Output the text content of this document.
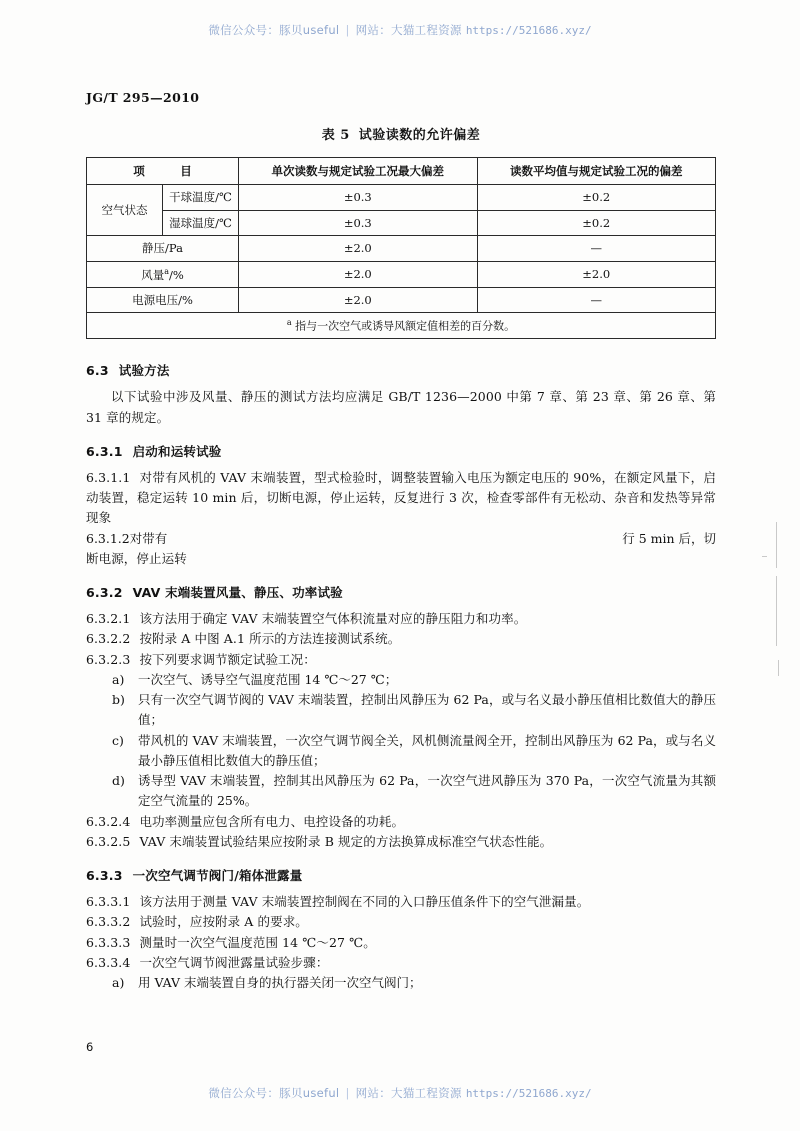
微信公众号：豚贝useful | 网站：大猫工程资源 https://521686.xyz/
JG/T 295—2010
表 5 试验读数的允许偏差
项　目		单次读数与规定试验工况最大偏差	读数平均值与规定试验工况的偏差
空气状态	干球温度/℃	±0.3	±0.2
	湿球温度/℃	±0.3	±0.2
静压/Pa		±2.0	—
风量$^a$/%		±2.0	±2.0
电源电压/%		±2.0	—
$^a$ 指与一次空气或诱导风额定值相差的百分数。			
6.3 试验方法

以下试验中涉及风量、静压的测试方法均应满足 GB/T 1236—2000 中第 7 章、第 23 章、第 26 章、第 31 章的规定。

6.3.1 启动和运转试验

6.3.1.1 对带有风机的 VAV 末端装置，型式检验时，调整装置输入电压为额定电压的 90%，在额定风量下，启动装置，稳定运转 10 min 后，切断电源，停止运转，反复进行 3 次，检查零部件有无松动、杂音和发热等异常现象

6.3.1.2对带有	行 5 min 后，切

断电源，停止运转

6.3.2 VAV 末端装置风量、静压、功率试验

6.3.2.1 该方法用于确定 VAV 末端装置空气体积流量对应的静压阻力和功率。

6.3.2.2 按附录 A 中图 A.1 所示的方法连接测试系统。

6.3.2.3 按下列要求调节额定试验工况：

a)	一次空气、诱导空气温度范围 14 ℃～27 ℃；
b)	只有一次空气调节阀的 VAV 末端装置，控制出风静压为 62 Pa，或与名义最小静压值相比数值大的静压值；
c)	带风机的 VAV 末端装置，一次空气调节阀全关，风机侧流量阀全开，控制出风静压为 62 Pa，或与名义最小静压值相比数值大的静压值；
d)	诱导型 VAV 末端装置，控制其出风静压为 62 Pa，一次空气进风静压为 370 Pa，一次空气流量为其额定空气流量的 25%。

6.3.2.4 电功率测量应包含所有电力、电控设备的功耗。

6.3.2.5 VAV 末端装置试验结果应按附录 B 规定的方法换算成标准空气状态性能。

6.3.3 一次空气调节阀门/箱体泄露量

6.3.3.1 该方法用于测量 VAV 末端装置控制阀在不同的入口静压值条件下的空气泄漏量。

6.3.3.2 试验时，应按附录 A 的要求。

6.3.3.3 测量时一次空气温度范围 14 ℃～27 ℃。

6.3.3.4 一次空气调节阀泄露量试验步骤：

a)	用 VAV 末端装置自身的执行器关闭一次空气阀门；
6
微信公众号：豚贝useful | 网站：大猫工程资源 https://521686.xyz/
